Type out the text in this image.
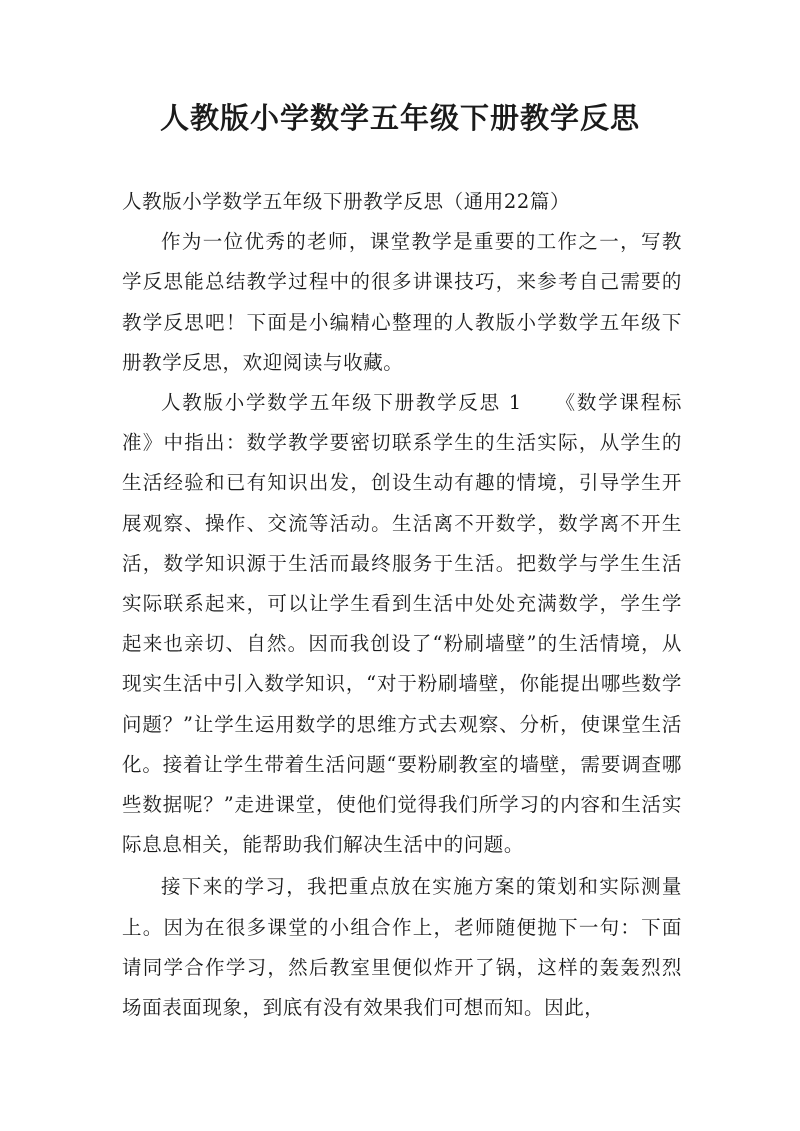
人教版小学数学五年级下册教学反思

人教版小学数学五年级下册教学反思（通用22篇）

作为一位优秀的老师，课堂教学是重要的工作之一，写教学反思能总结教学过程中的很多讲课技巧，来参考自己需要的教学反思吧！下面是小编精心整理的人教版小学数学五年级下册教学反思，欢迎阅读与收藏。

人教版小学数学五年级下册教学反思 1　　《数学课程标准》中指出：数学教学要密切联系学生的生活实际，从学生的生活经验和已有知识出发，创设生动有趣的情境，引导学生开展观察、操作、交流等活动。生活离不开数学，数学离不开生活，数学知识源于生活而最终服务于生活。把数学与学生生活实际联系起来，可以让学生看到生活中处处充满数学，学生学起来也亲切、自然。因而我创设了“粉刷墙壁”的生活情境，从现实生活中引入数学知识，“对于粉刷墙壁，你能提出哪些数学问题？”让学生运用数学的思维方式去观察、分析，使课堂生活化。接着让学生带着生活问题“要粉刷教室的墙壁，需要调查哪些数据呢？”走进课堂，使他们觉得我们所学习的内容和生活实际息息相关，能帮助我们解决生活中的问题。

接下来的学习，我把重点放在实施方案的策划和实际测量上。因为在很多课堂的小组合作上，老师随便抛下一句：下面请同学合作学习，然后教室里便似炸开了锅，这样的轰轰烈烈场面表面现象，到底有没有效果我们可想而知。因此，
